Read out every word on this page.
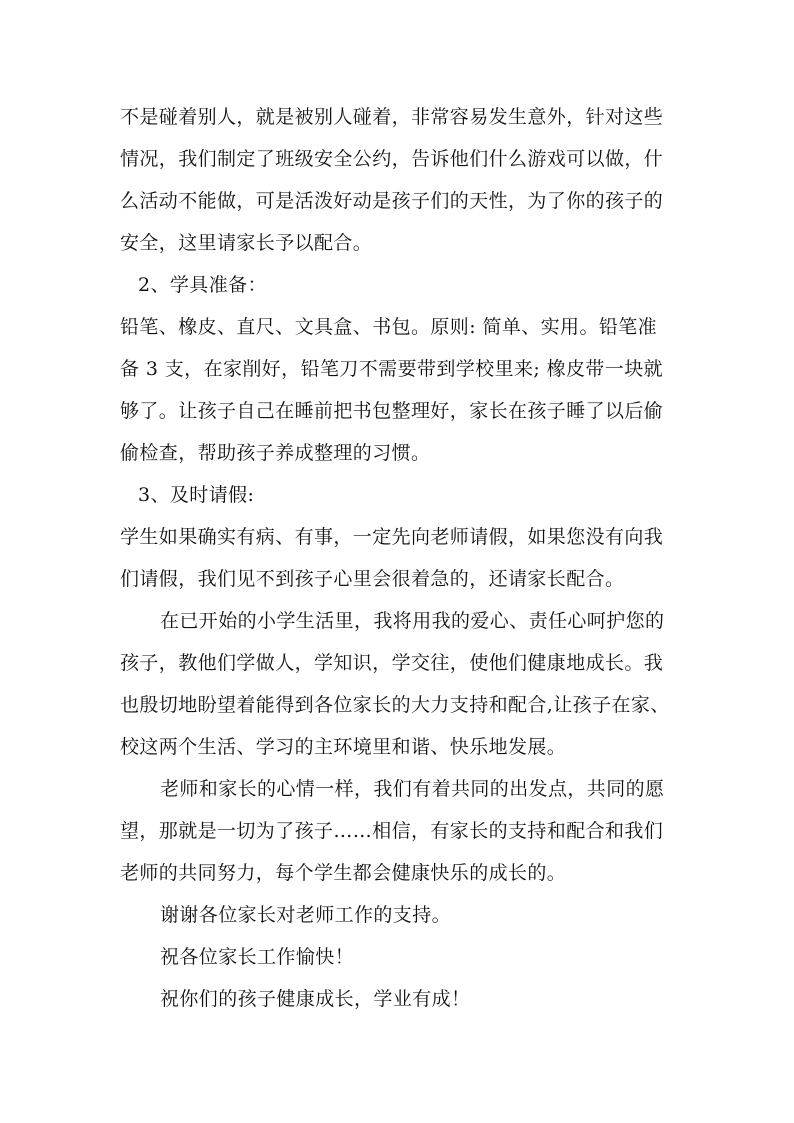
不是碰着别人，就是被别人碰着，非常容易发生意外，针对这些
情况，我们制定了班级安全公约，告诉他们什么游戏可以做，什
么活动不能做，可是活泼好动是孩子们的天性，为了你的孩子的
安全，这里请家长予以配合。
2、学具准备：
铅笔、橡皮、直尺、文具盒、书包。原则: 简单、实用。铅笔准
备 3 支，在家削好，铅笔刀不需要带到学校里来; 橡皮带一块就
够了。让孩子自己在睡前把书包整理好，家长在孩子睡了以后偷
偷检查，帮助孩子养成整理的习惯。
3、及时请假:
学生如果确实有病、有事，一定先向老师请假，如果您没有向我
们请假，我们见不到孩子心里会很着急的，还请家长配合。
在已开始的小学生活里，我将用我的爱心、责任心呵护您的
孩子，教他们学做人，学知识，学交往，使他们健康地成长。我
也殷切地盼望着能得到各位家长的大力支持和配合,让孩子在家、
校这两个生活、学习的主环境里和谐、快乐地发展。
老师和家长的心情一样，我们有着共同的出发点，共同的愿
望，那就是一切为了孩子……相信，有家长的支持和配合和我们
老师的共同努力，每个学生都会健康快乐的成长的。
谢谢各位家长对老师工作的支持。
祝各位家长工作愉快！
祝你们的孩子健康成长，学业有成！
